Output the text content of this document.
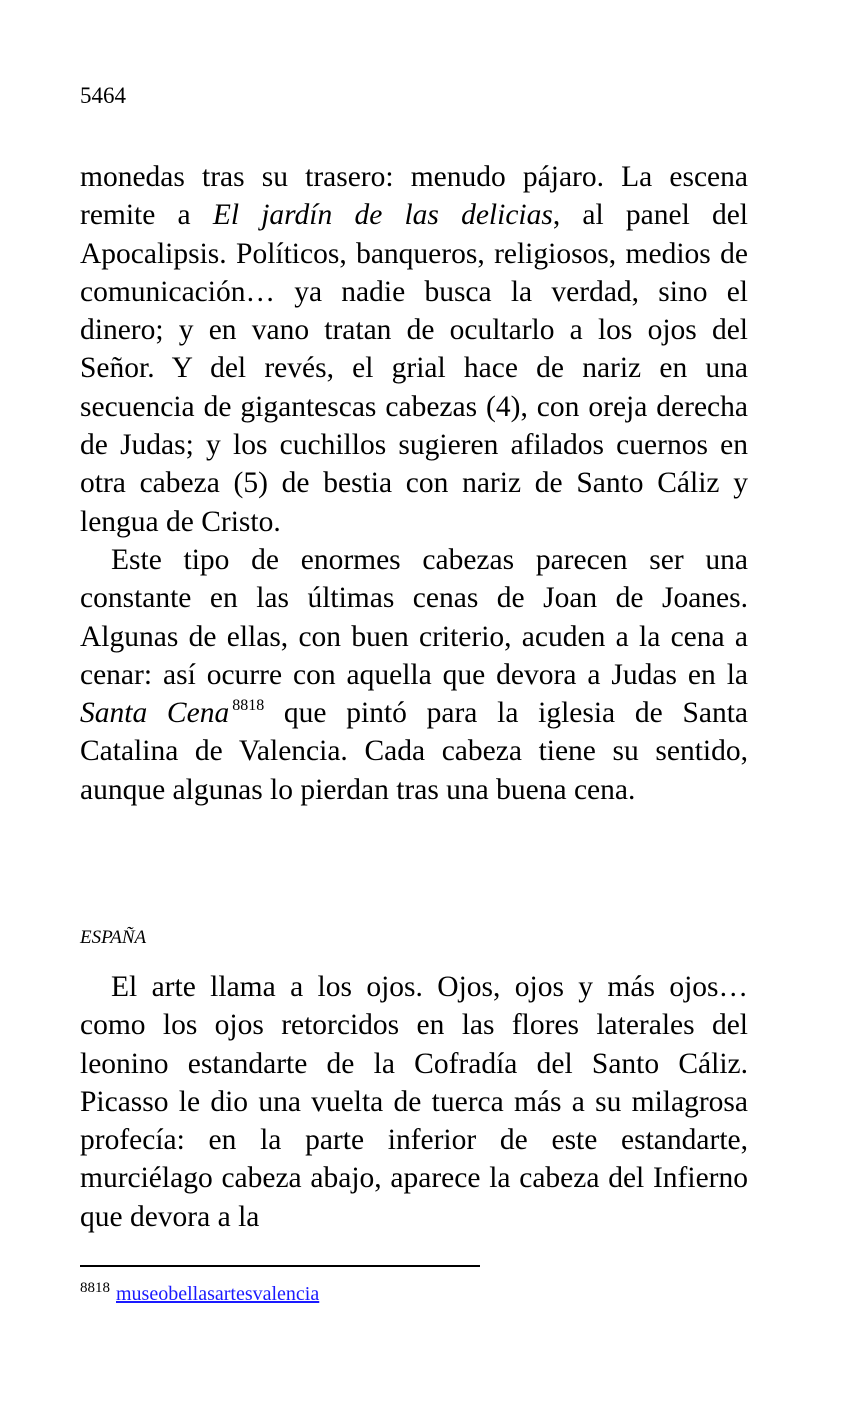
5464

monedas tras su trasero: menudo pájaro. La escena remite a El jardín de las delicias, al panel del Apocalipsis. Políticos, banqueros, religiosos, medios de comunicación… ya nadie busca la verdad, sino el dinero; y en vano tratan de ocultarlo a los ojos del Señor. Y del revés, el grial hace de nariz en una secuencia de gigantescas cabezas (4), con oreja derecha de Judas; y los cuchillos sugieren afilados cuernos en otra cabeza (5) de bestia con nariz de Santo Cáliz y lengua de Cristo.

Este tipo de enormes cabezas parecen ser una constante en las últimas cenas de Joan de Joanes. Algunas de ellas, con buen criterio, acuden a la cena a cenar: así ocurre con aquella que devora a Judas en la Santa Cena $^{8818}$ que pintó para la iglesia de Santa Catalina de Valencia. Cada cabeza tiene su sentido, aunque algunas lo pierdan tras una buena cena.

ESPAÑA

El arte llama a los ojos. Ojos, ojos y más ojos… como los ojos retorcidos en las flores laterales del leonino estandarte de la Cofradía del Santo Cáliz. Picasso le dio una vuelta de tuerca más a su milagrosa profecía: en la parte inferior de este estandarte, murciélago cabeza abajo, aparece la cabeza del Infierno que devora a la

$^{8818}$ museobellasartesvalencia
